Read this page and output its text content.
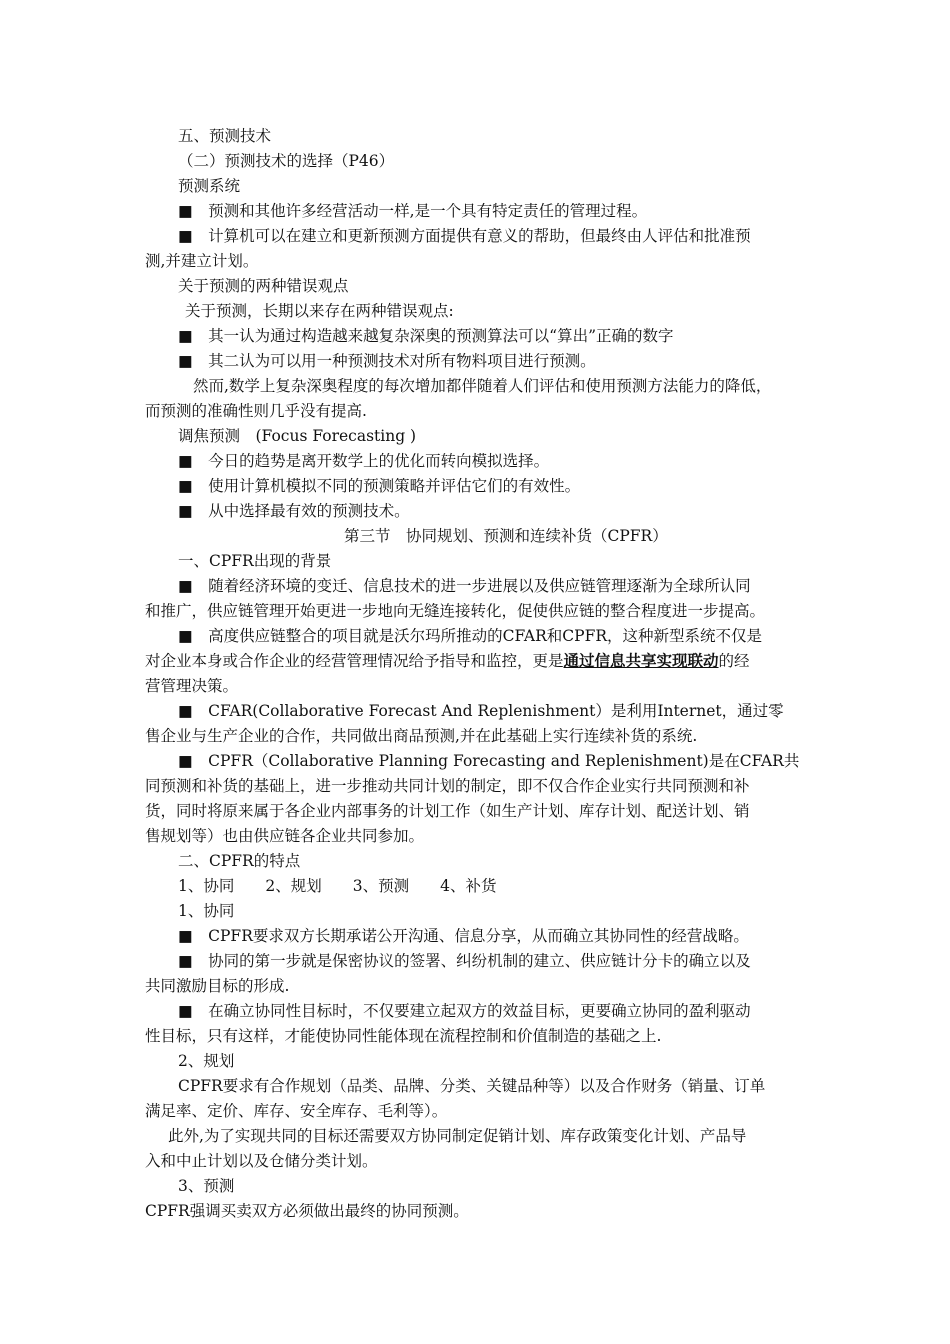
五、预测技术
（二）预测技术的选择（P46）
预测系统
■　预测和其他许多经营活动一样,是一个具有特定责任的管理过程。
■　计算机可以在建立和更新预测方面提供有意义的帮助，但最终由人评估和批准预
测,并建立计划。
关于预测的两种错误观点
关于预测，长期以来存在两种错误观点:
■　其一认为通过构造越来越复杂深奥的预测算法可以“算出”正确的数字
■　其二认为可以用一种预测技术对所有物料项目进行预测。
然而,数学上复杂深奥程度的每次增加都伴随着人们评估和使用预测方法能力的降低，
而预测的准确性则几乎没有提高.
调焦预测　(Focus Forecasting )
■　今日的趋势是离开数学上的优化而转向模拟选择。
■　使用计算机模拟不同的预测策略并评估它们的有效性。
■　从中选择最有效的预测技术。
第三节　协同规划、预测和连续补货（CPFR）
一、CPFR出现的背景
■　随着经济环境的变迁、信息技术的进一步进展以及供应链管理逐渐为全球所认同
和推广，供应链管理开始更进一步地向无缝连接转化，促使供应链的整合程度进一步提高。
■　高度供应链整合的项目就是沃尔玛所推动的CFAR和CPFR，这种新型系统不仅是
对企业本身或合作企业的经营管理情况给予指导和监控，更是通过信息共享实现联动的经
营管理决策。
■　CFAR(Collaborative Forecast And Replenishment）是利用Internet，通过零
售企业与生产企业的合作，共同做出商品预测,并在此基础上实行连续补货的系统.
■　CPFR（Collaborative Planning Forecasting and Replenishment)是在CFAR共
同预测和补货的基础上，进一步推动共同计划的制定，即不仅合作企业实行共同预测和补
货，同时将原来属于各企业内部事务的计划工作（如生产计划、库存计划、配送计划、销
售规划等）也由供应链各企业共同参加。
二、CPFR的特点
1、协同　　2、规划　　3、预测　　4、补货
1、协同
■　CPFR要求双方长期承诺公开沟通、信息分享，从而确立其协同性的经营战略。
■　协同的第一步就是保密协议的签署、纠纷机制的建立、供应链计分卡的确立以及
共同激励目标的形成.
■　在确立协同性目标时，不仅要建立起双方的效益目标，更要确立协同的盈利驱动
性目标，只有这样，才能使协同性能体现在流程控制和价值制造的基础之上.
2、规划
CPFR要求有合作规划（品类、品牌、分类、关键品种等）以及合作财务（销量、订单
满足率、定价、库存、安全库存、毛利等）。
此外,为了实现共同的目标还需要双方协同制定促销计划、库存政策变化计划、产品导
入和中止计划以及仓储分类计划。
3、预测
CPFR强调买卖双方必须做出最终的协同预测。
